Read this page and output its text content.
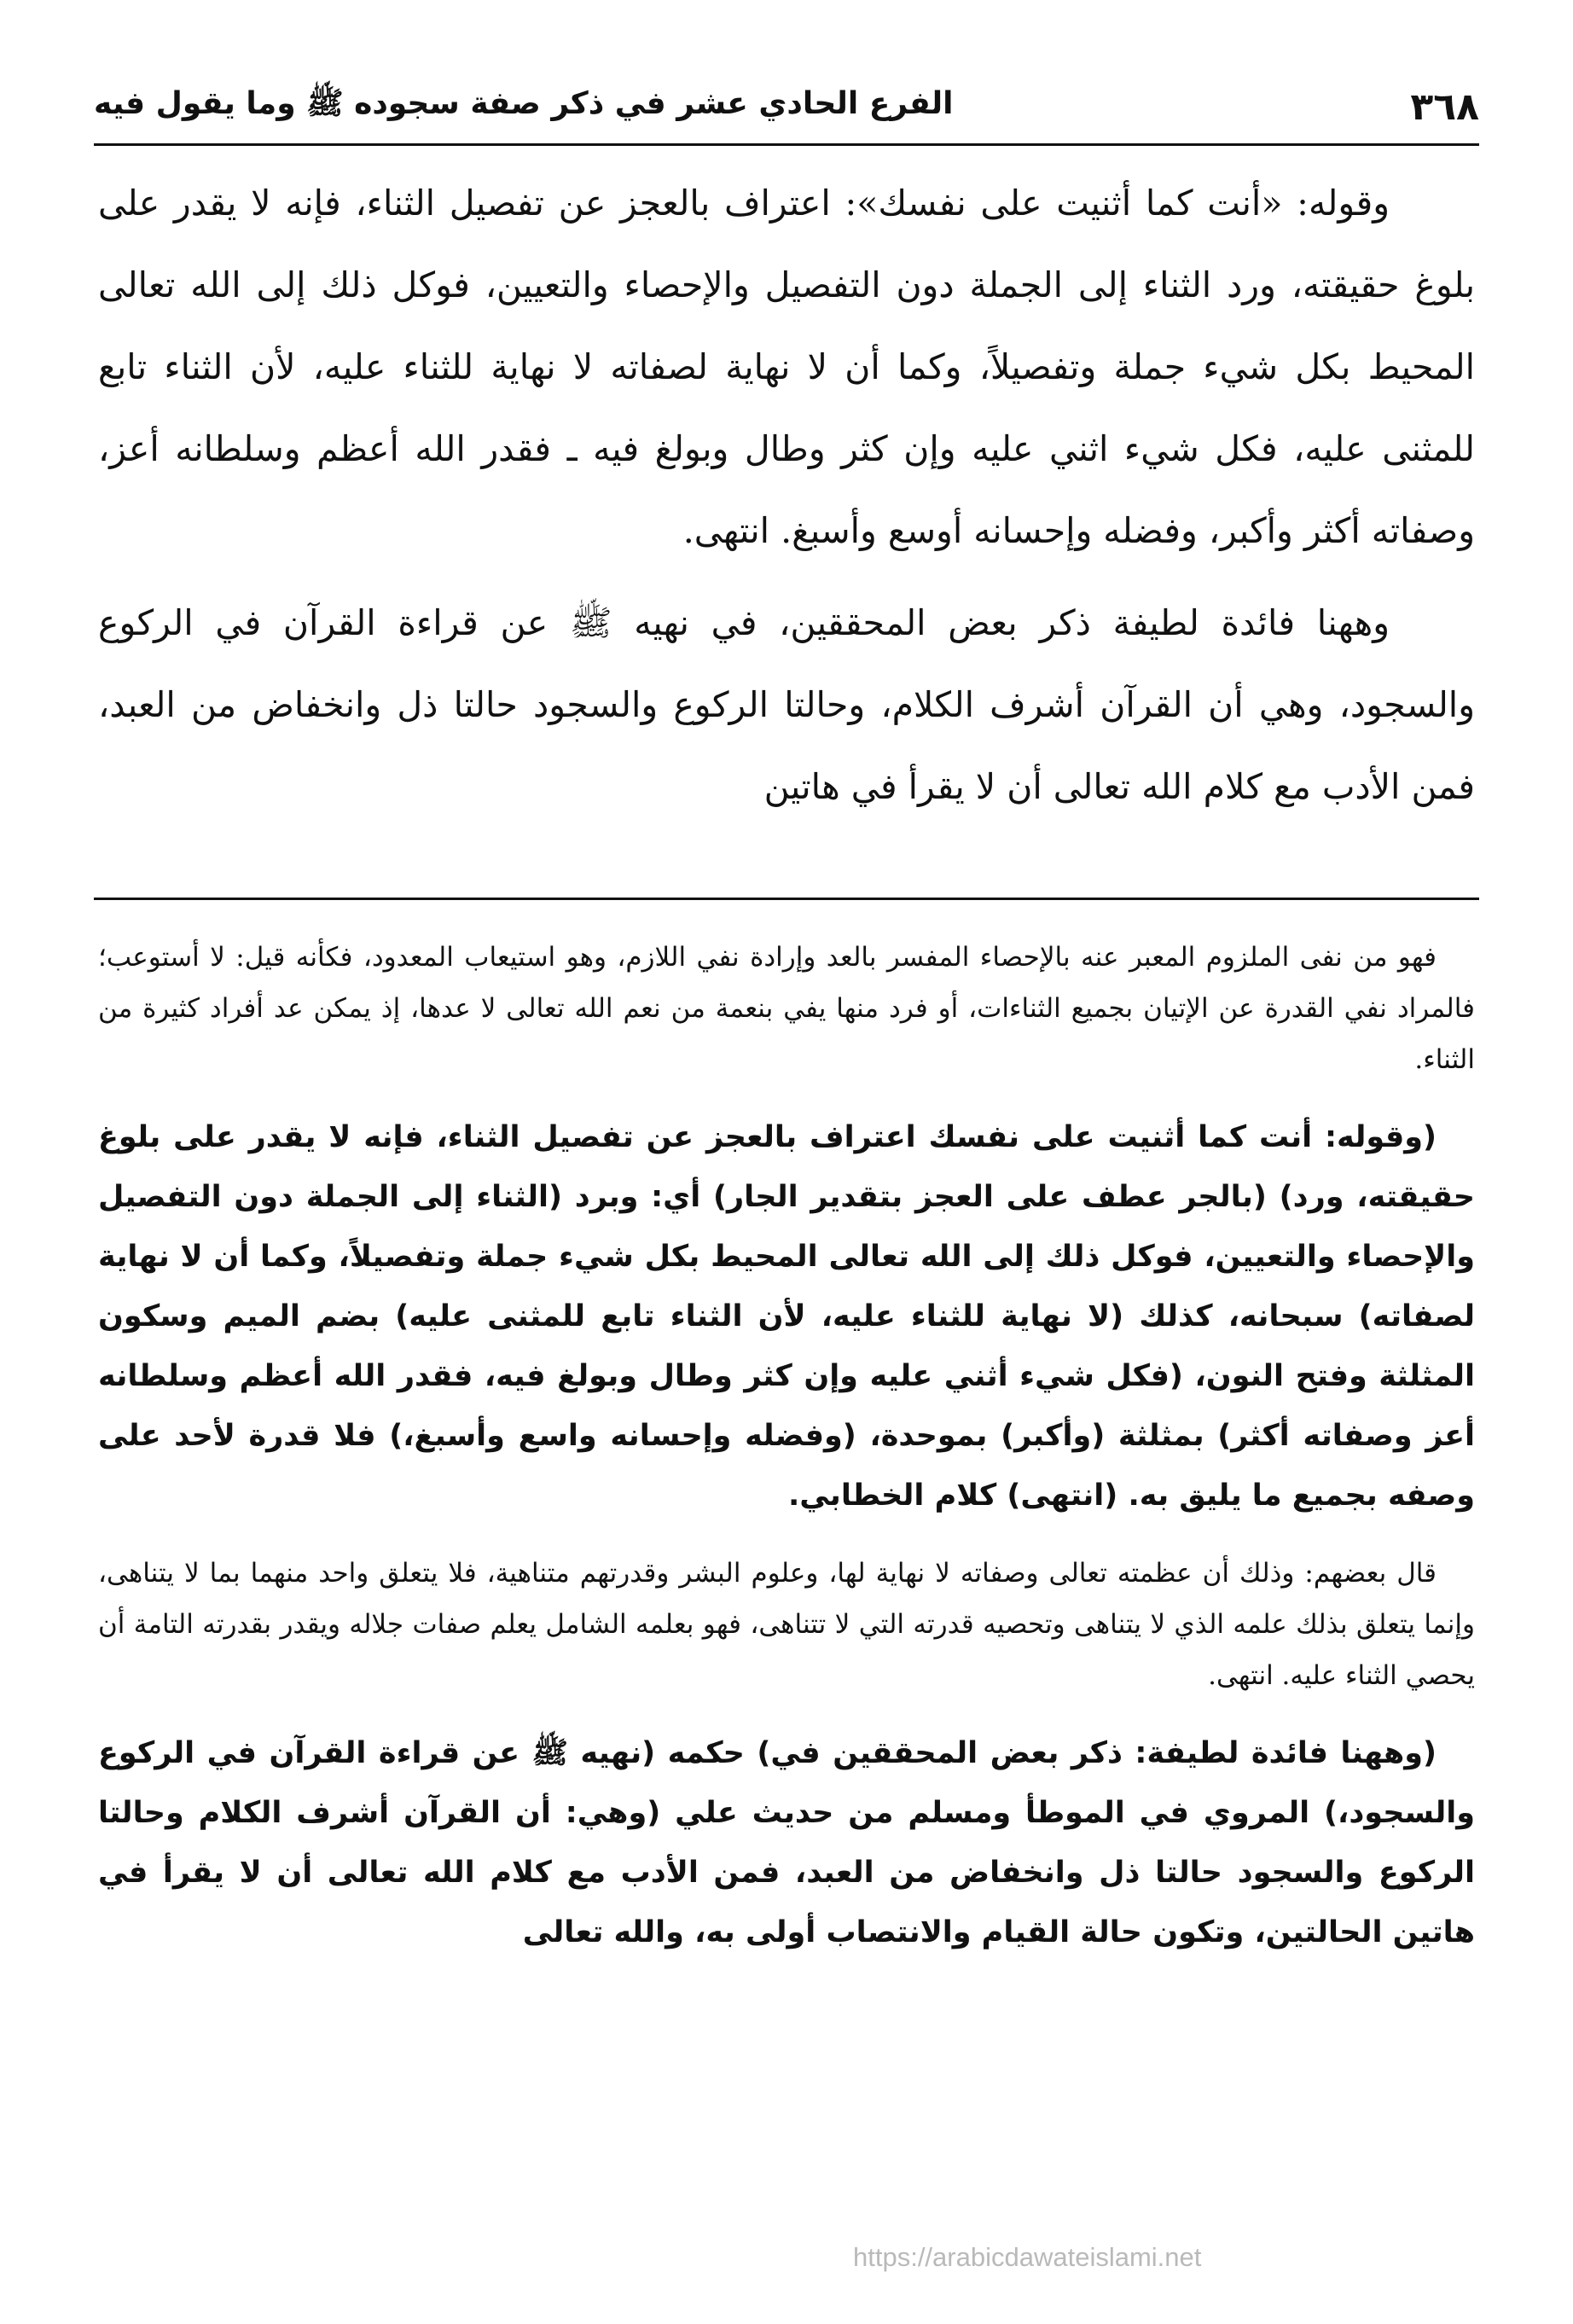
٣٦٨
الفرع الحادي عشر في ذكر صفة سجوده ﷺ وما يقول فيه

وقوله: «أنت كما أثنيت على نفسك»: اعتراف بالعجز عن تفصيل الثناء، فإنه لا يقدر على بلوغ حقيقته، ورد الثناء إلى الجملة دون التفصيل والإحصاء والتعيين، فوكل ذلك إلى الله تعالى المحيط بكل شيء جملة وتفصيلاً، وكما أن لا نهاية لصفاته لا نهاية للثناء عليه، لأن الثناء تابع للمثنى عليه، فكل شيء اثني عليه وإن كثر وطال وبولغ فيه ـ فقدر الله أعظم وسلطانه أعز، وصفاته أكثر وأكبر، وفضله وإحسانه أوسع وأسبغ. انتهى.

وههنا فائدة لطيفة ذكر بعض المحققين، في نهيه ﷺ عن قراءة القرآن في الركوع والسجود، وهي أن القرآن أشرف الكلام، وحالتا الركوع والسجود حالتا ذل وانخفاض من العبد، فمن الأدب مع كلام الله تعالى أن لا يقرأ في هاتين

فهو من نفى الملزوم المعبر عنه بالإحصاء المفسر بالعد وإرادة نفي اللازم، وهو استيعاب المعدود، فكأنه قيل: لا أستوعب؛ فالمراد نفي القدرة عن الإتيان بجميع الثناءات، أو فرد منها يفي بنعمة من نعم الله تعالى لا عدها، إذ يمكن عد أفراد كثيرة من الثناء.

(وقوله: أنت كما أثنيت على نفسك اعتراف بالعجز عن تفصيل الثناء، فإنه لا يقدر على بلوغ حقيقته، ورد) (بالجر عطف على العجز بتقدير الجار) أي: وبرد (الثناء إلى الجملة دون التفصيل والإحصاء والتعيين، فوكل ذلك إلى الله تعالى المحيط بكل شيء جملة وتفصيلاً، وكما أن لا نهاية لصفاته) سبحانه، كذلك (لا نهاية للثناء عليه، لأن الثناء تابع للمثنى عليه) بضم الميم وسكون المثلثة وفتح النون، (فكل شيء أثني عليه وإن كثر وطال وبولغ فيه، فقدر الله أعظم وسلطانه أعز وصفاته أكثر) بمثلثة (وأكبر) بموحدة، (وفضله وإحسانه واسع وأسبغ،) فلا قدرة لأحد على وصفه بجميع ما يليق به. (انتهى) كلام الخطابي.

قال بعضهم: وذلك أن عظمته تعالى وصفاته لا نهاية لها، وعلوم البشر وقدرتهم متناهية، فلا يتعلق واحد منهما بما لا يتناهى، وإنما يتعلق بذلك علمه الذي لا يتناهى وتحصيه قدرته التي لا تتناهى، فهو بعلمه الشامل يعلم صفات جلاله ويقدر بقدرته التامة أن يحصي الثناء عليه. انتهى.

(وههنا فائدة لطيفة: ذكر بعض المحققين في) حكمه (نهيه ﷺ عن قراءة القرآن في الركوع والسجود،) المروي في الموطأ ومسلم من حديث علي (وهي: أن القرآن أشرف الكلام وحالتا الركوع والسجود حالتا ذل وانخفاض من العبد، فمن الأدب مع كلام الله تعالى أن لا يقرأ في هاتين الحالتين، وتكون حالة القيام والانتصاب أولى به، والله تعالى

https://arabicdawateislami.net
